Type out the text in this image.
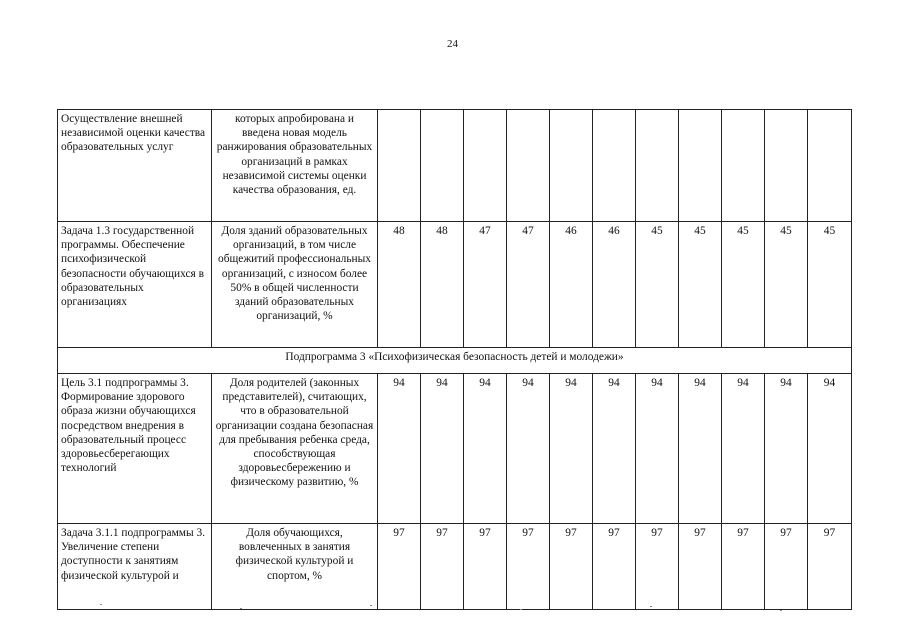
24
Осуществление внешней независимой оценки качества образовательных услуг	которых апробирована и введена новая модель ранжирования образовательных организаций в рамках независимой системы оценки качества образования, ед.											
Задача 1.3 государственной программы. Обеспечение психофизической безопасности обучающихся в образовательных организациях	Доля зданий образовательных организаций, в том числе общежитий профессиональных организаций, с износом более 50% в общей численности зданий образовательных организаций, %	48	48	47	47	46	46	45	45	45	45	45
Подпрограмма 3 «Психофизическая безопасность детей и молодежи»												
Цель 3.1 подпрограммы 3. Формирование здорового образа жизни обучающихся посредством внедрения в образовательный процесс здоровьесберегающих технологий	Доля родителей (законных представителей), считающих, что в образовательной организации создана безопасная для пребывания ребенка среда, способствующая здоровьесбережению и физическому развитию, %	94	94	94	94	94	94	94	94	94	94	94
Задача 3.1.1 подпрограммы 3. Увеличение степени доступности к занятиям физической культурой и	Доля обучающихся, вовлеченных в занятия физической культурой и спортом, %	97	97	97	97	97	97	97	97	97	97	97
